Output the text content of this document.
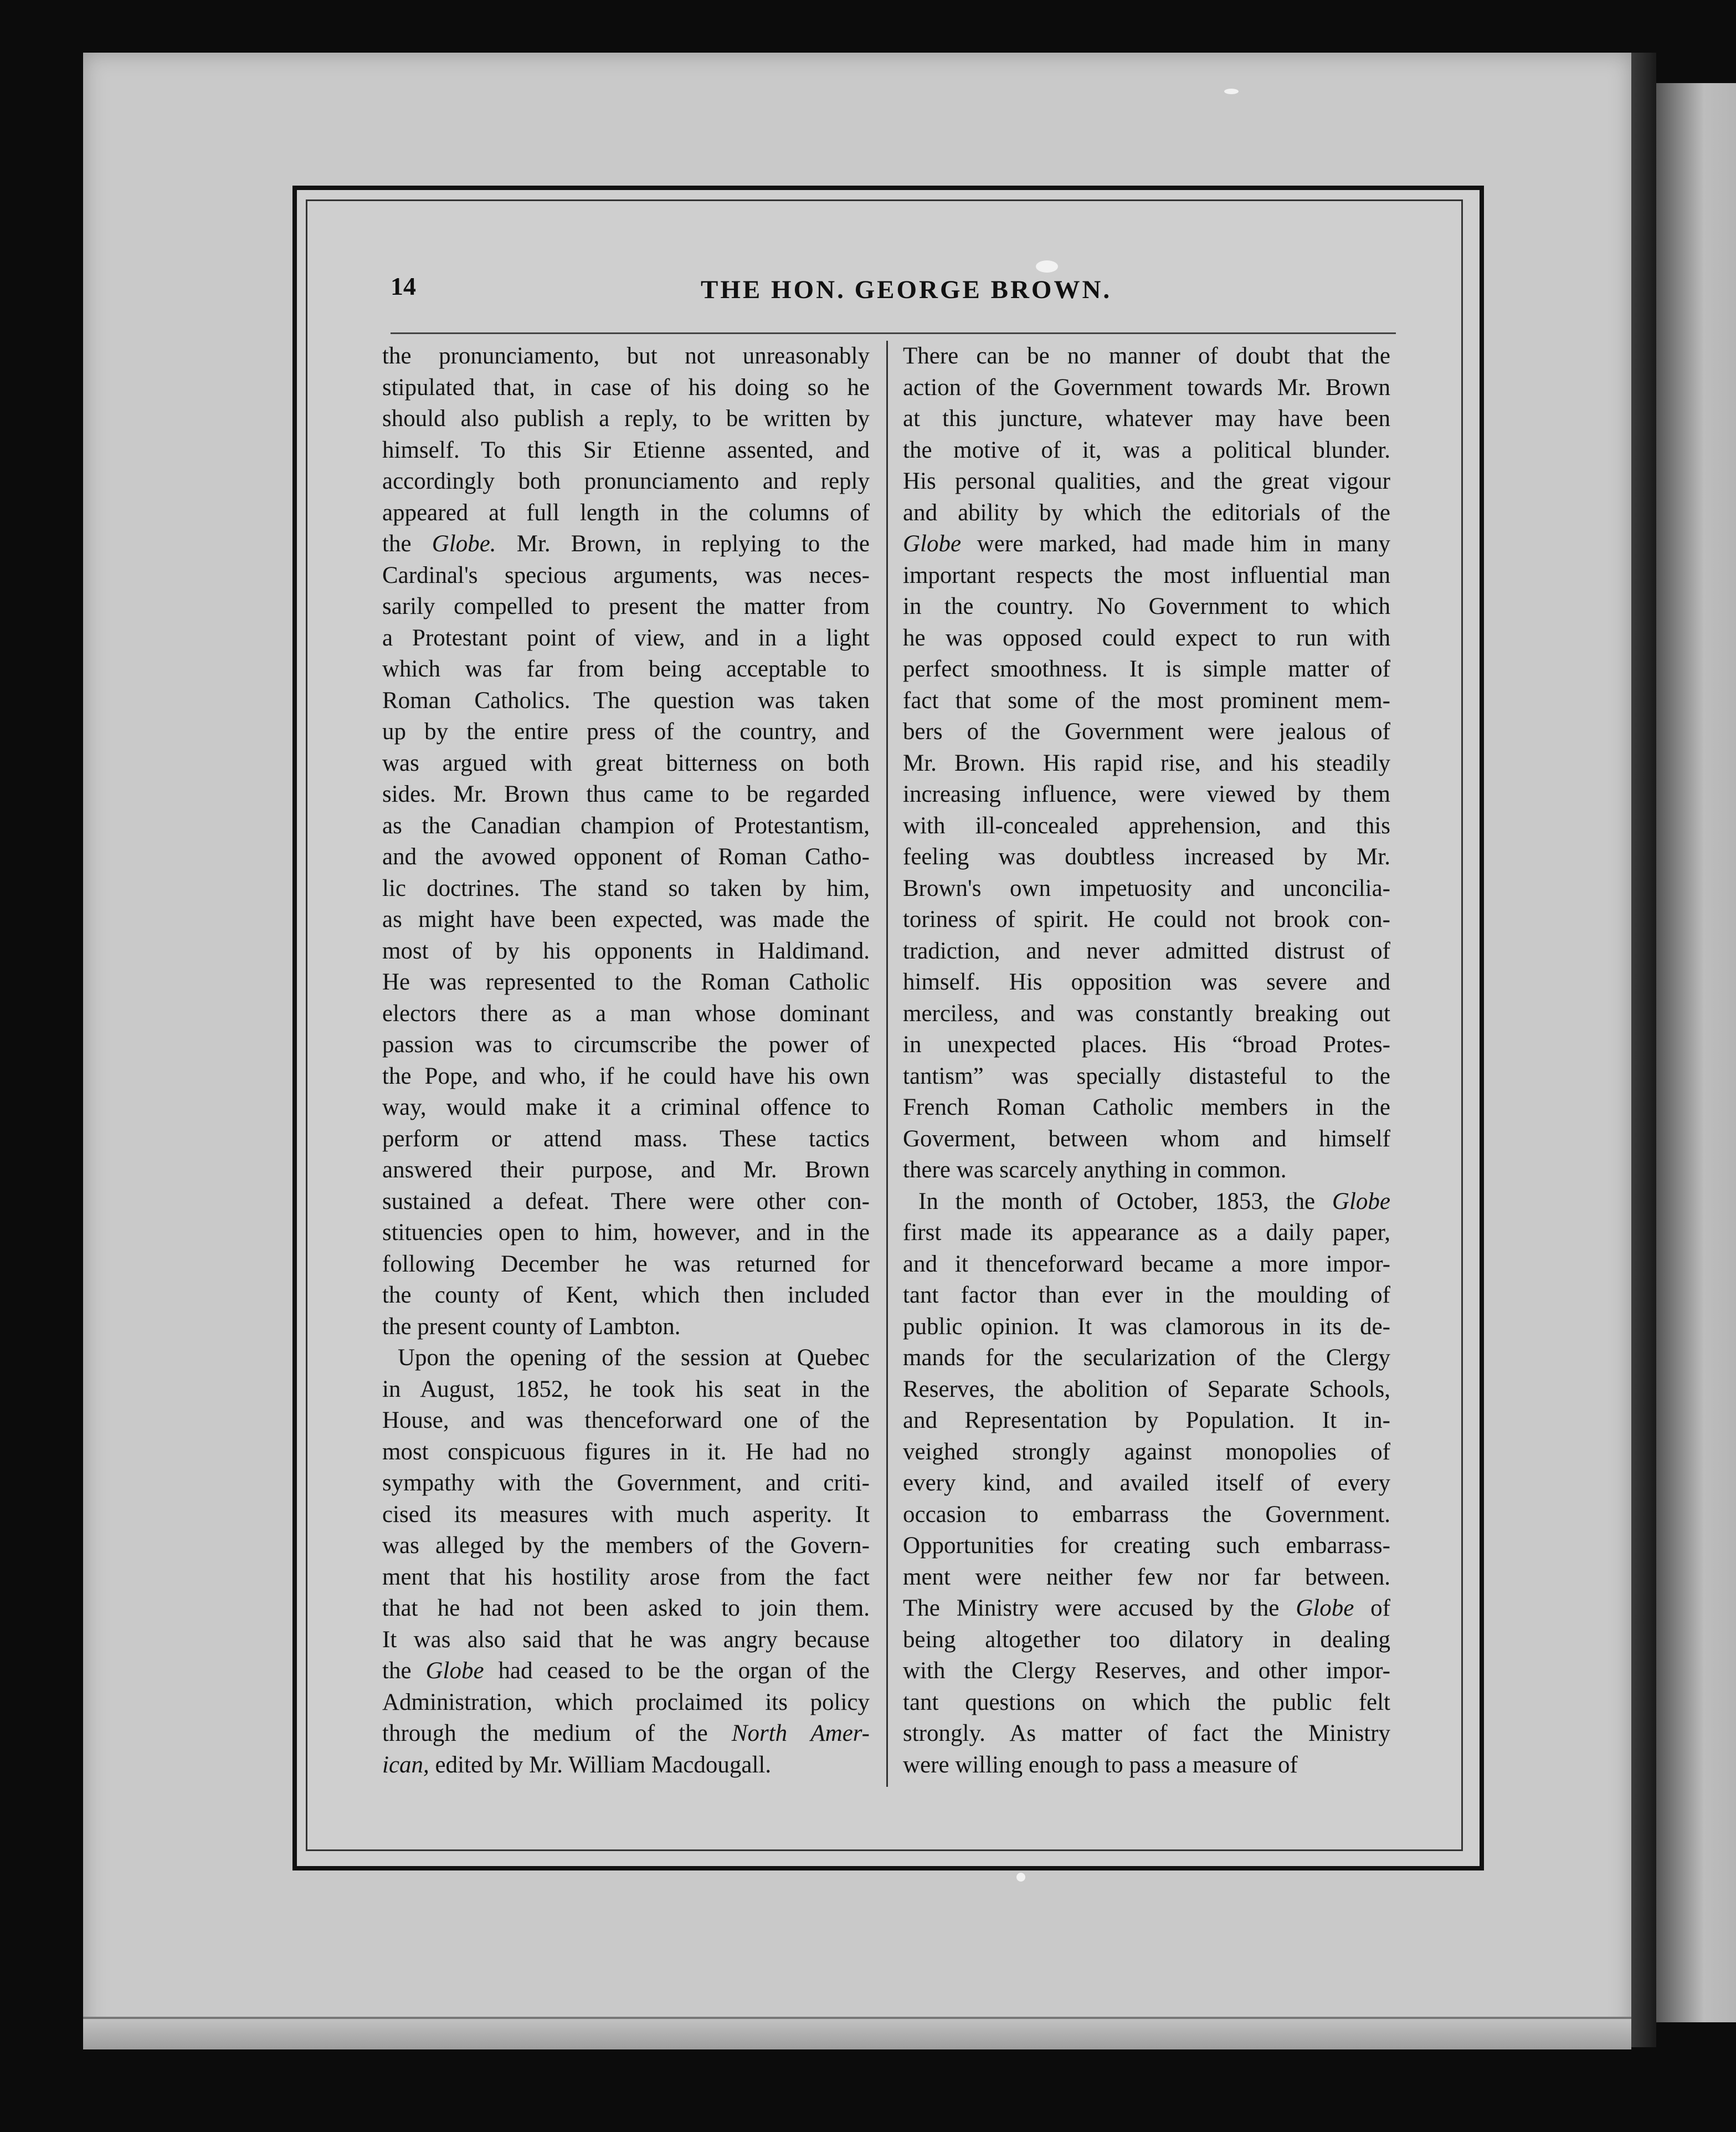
14	THE HON. GEORGE BROWN.
the pronunciamento, but not unreasonably
stipulated that, in case of his doing so he
should also publish a reply, to be written by
himself. To this Sir Etienne assented, and
accordingly both pronunciamento and reply
appeared at full length in the columns of
the Globe. Mr. Brown, in replying to the
Cardinal's specious arguments, was neces-
sarily compelled to present the matter from
a Protestant point of view, and in a light
which was far from being acceptable to
Roman Catholics. The question was taken
up by the entire press of the country, and
was argued with great bitterness on both
sides. Mr. Brown thus came to be regarded
as the Canadian champion of Protestantism,
and the avowed opponent of Roman Catho-
lic doctrines. The stand so taken by him,
as might have been expected, was made the
most of by his opponents in Haldimand.
He was represented to the Roman Catholic
electors there as a man whose dominant
passion was to circumscribe the power of
the Pope, and who, if he could have his own
way, would make it a criminal offence to
perform or attend mass. These tactics
answered their purpose, and Mr. Brown
sustained a defeat. There were other con-
stituencies open to him, however, and in the
following December he was returned for
the county of Kent, which then included
the present county of Lambton.
Upon the opening of the session at Quebec
in August, 1852, he took his seat in the
House, and was thenceforward one of the
most conspicuous figures in it. He had no
sympathy with the Government, and criti-
cised its measures with much asperity. It
was alleged by the members of the Govern-
ment that his hostility arose from the fact
that he had not been asked to join them.
It was also said that he was angry because
the Globe had ceased to be the organ of the
Administration, which proclaimed its policy
through the medium of the North Amer-
ican, edited by Mr. William Macdougall.
There can be no manner of doubt that the
action of the Government towards Mr. Brown
at this juncture, whatever may have been
the motive of it, was a political blunder.
His personal qualities, and the great vigour
and ability by which the editorials of the
Globe were marked, had made him in many
important respects the most influential man
in the country. No Government to which
he was opposed could expect to run with
perfect smoothness. It is simple matter of
fact that some of the most prominent mem-
bers of the Government were jealous of
Mr. Brown. His rapid rise, and his steadily
increasing influence, were viewed by them
with ill-concealed apprehension, and this
feeling was doubtless increased by Mr.
Brown's own impetuosity and unconcilia-
toriness of spirit. He could not brook con-
tradiction, and never admitted distrust of
himself. His opposition was severe and
merciless, and was constantly breaking out
in unexpected places. His “broad Protes-
tantism” was specially distasteful to the
French Roman Catholic members in the
Goverment, between whom and himself
there was scarcely anything in common.
In the month of October, 1853, the Globe
first made its appearance as a daily paper,
and it thenceforward became a more impor-
tant factor than ever in the moulding of
public opinion. It was clamorous in its de-
mands for the secularization of the Clergy
Reserves, the abolition of Separate Schools,
and Representation by Population. It in-
veighed strongly against monopolies of
every kind, and availed itself of every
occasion to embarrass the Government.
Opportunities for creating such embarrass-
ment were neither few nor far between.
The Ministry were accused by the Globe of
being altogether too dilatory in dealing
with the Clergy Reserves, and other impor-
tant questions on which the public felt
strongly. As matter of fact the Ministry
were willing enough to pass a measure of
